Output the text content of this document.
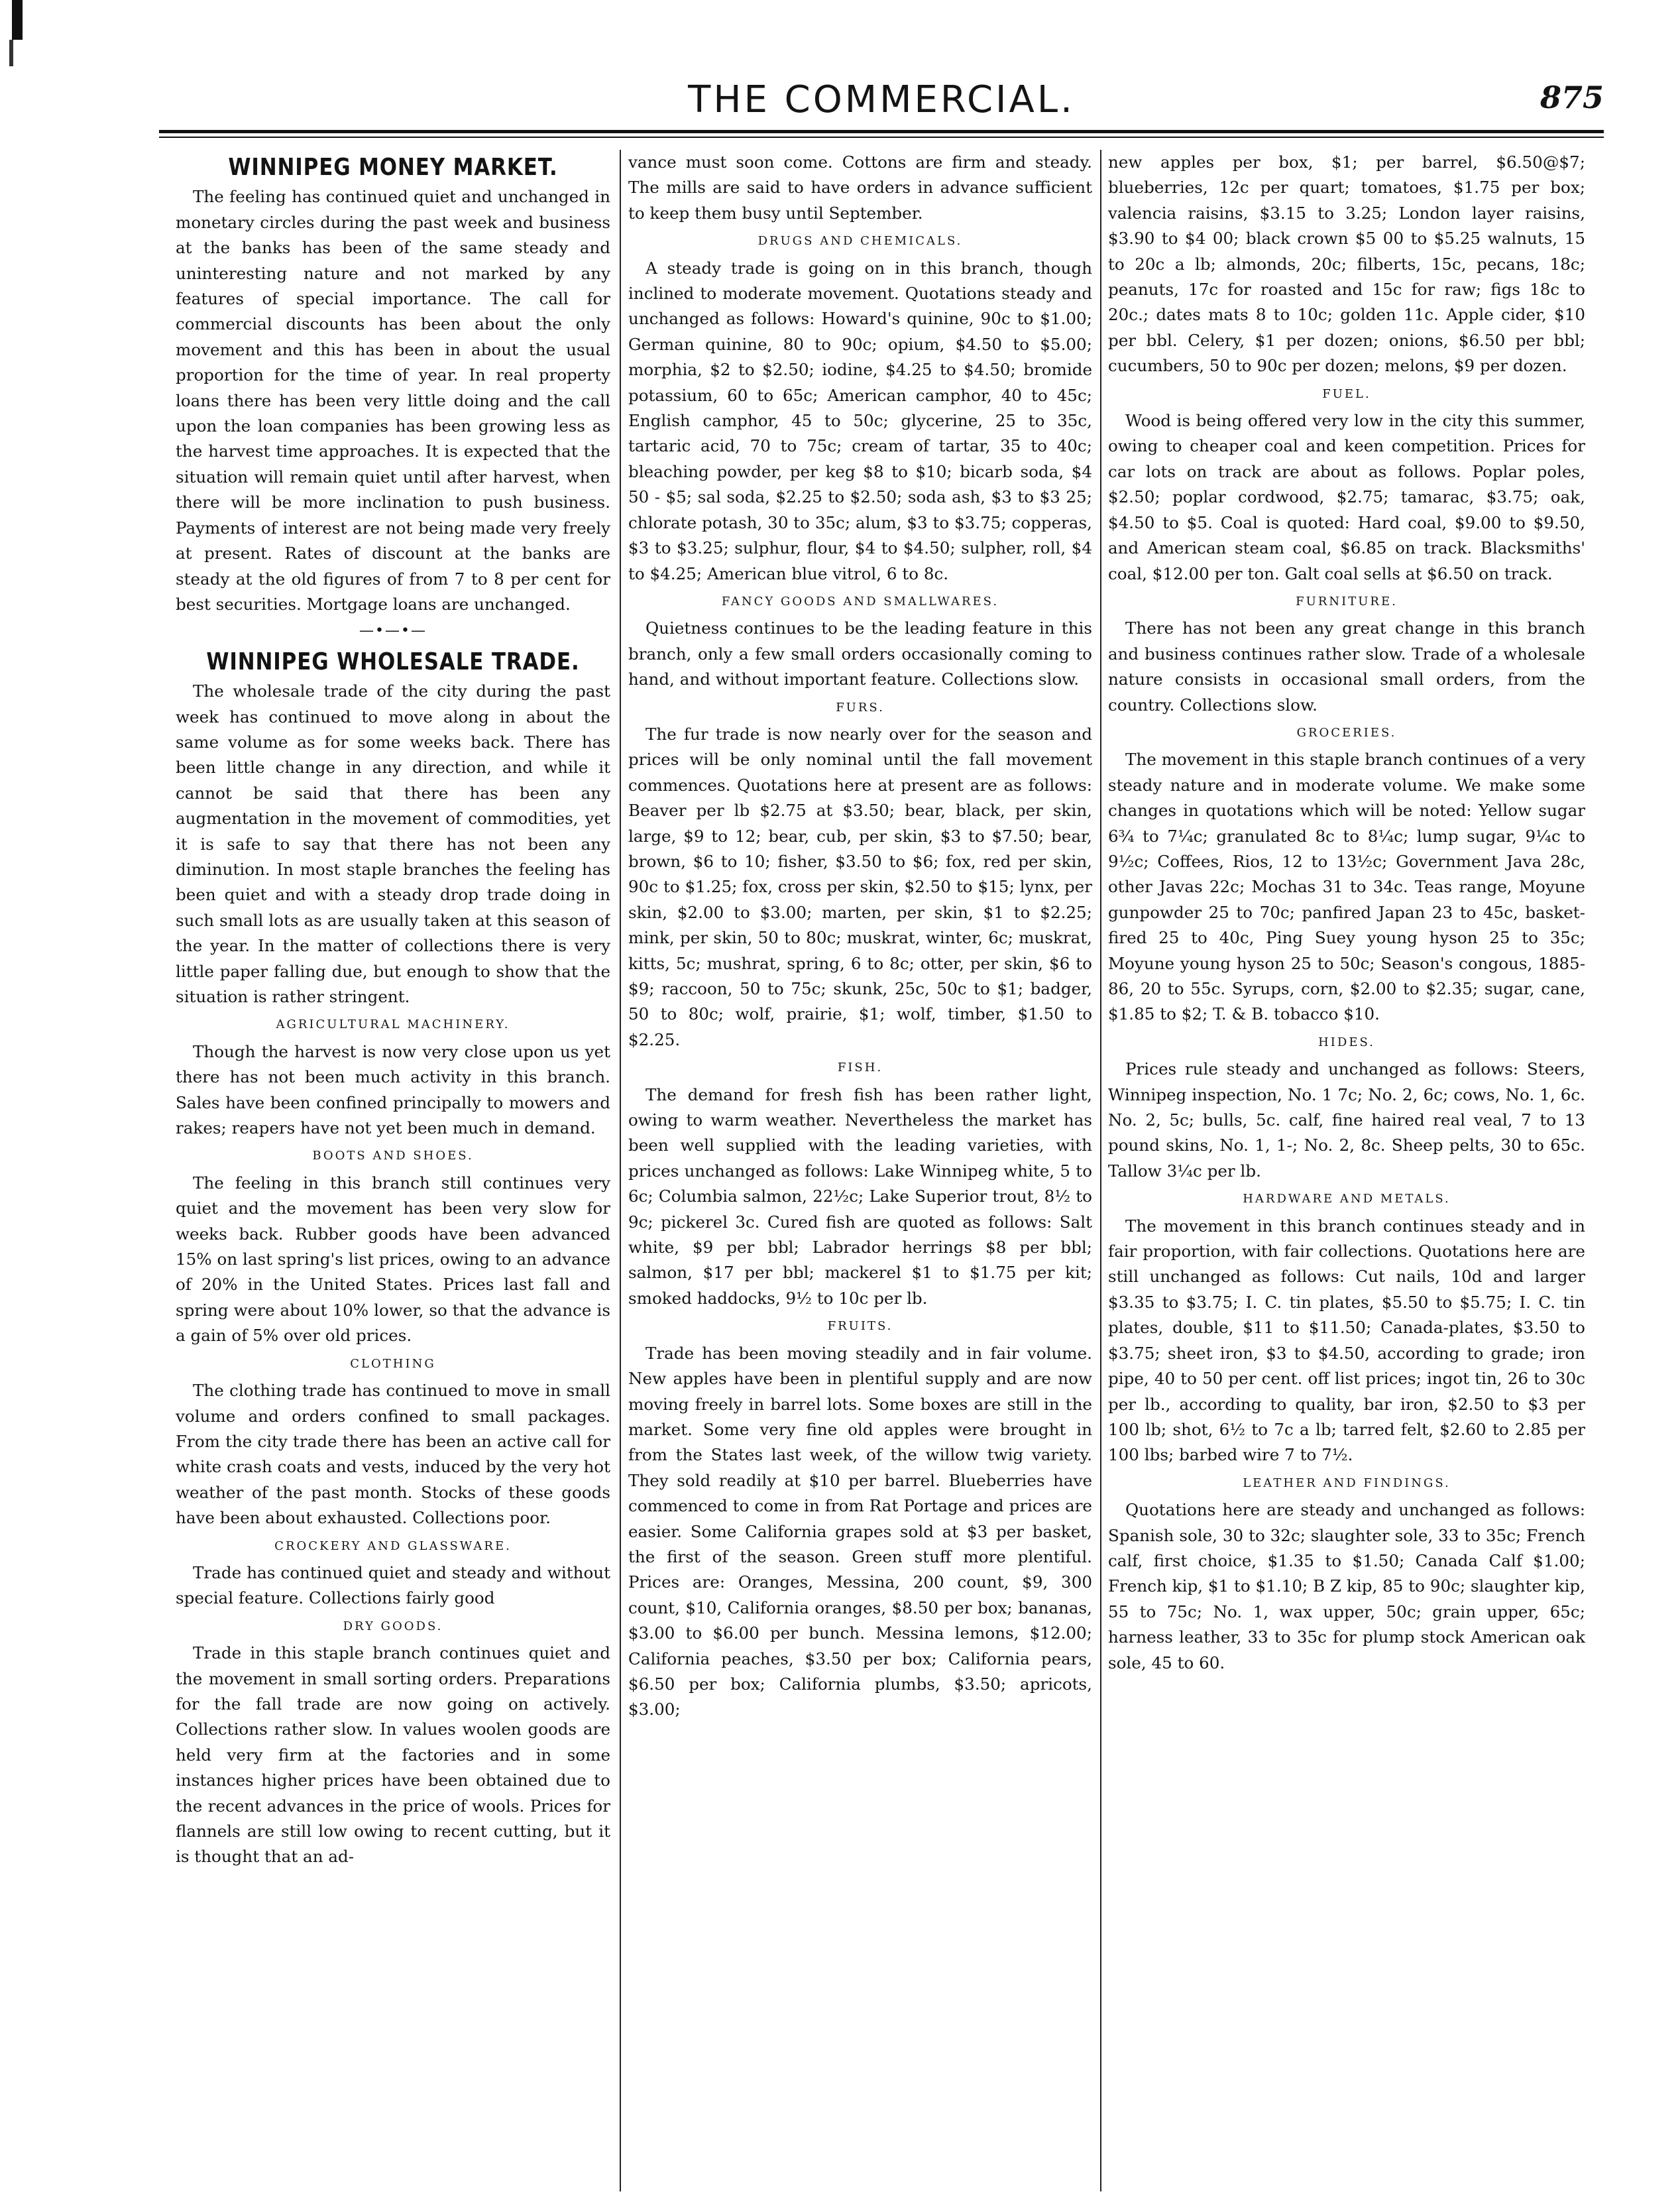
THE COMMERCIAL.	875
WINNIPEG MONEY MARKET.

The feeling has continued quiet and unchanged in monetary circles during the past week and business at the banks has been of the same steady and uninteresting nature and not marked by any features of special importance. The call for commercial discounts has been about the only movement and this has been in about the usual proportion for the time of year. In real property loans there has been very little doing and the call upon the loan companies has been growing less as the harvest time approaches. It is expected that the situation will remain quiet until after harvest, when there will be more inclination to push business. Payments of interest are not being made very freely at present. Rates of discount at the banks are steady at the old figures of from 7 to 8 per cent for best securities. Mortgage loans are unchanged.

—•—•—
WINNIPEG WHOLESALE TRADE.

The wholesale trade of the city during the past week has continued to move along in about the same volume as for some weeks back. There has been little change in any direction, and while it cannot be said that there has been any augmentation in the movement of commodities, yet it is safe to say that there has not been any diminution. In most staple branches the feeling has been quiet and with a steady drop trade doing in such small lots as are usually taken at this season of the year. In the matter of collections there is very little paper falling due, but enough to show that the situation is rather stringent.

AGRICULTURAL MACHINERY.

Though the harvest is now very close upon us yet there has not been much activity in this branch. Sales have been confined principally to mowers and rakes; reapers have not yet been much in demand.

BOOTS AND SHOES.

The feeling in this branch still continues very quiet and the movement has been very slow for weeks back. Rubber goods have been advanced 15% on last spring's list prices, owing to an advance of 20% in the United States. Prices last fall and spring were about 10% lower, so that the advance is a gain of 5% over old prices.

CLOTHING

The clothing trade has continued to move in small volume and orders confined to small packages. From the city trade there has been an active call for white crash coats and vests, induced by the very hot weather of the past month. Stocks of these goods have been about exhausted. Collections poor.

CROCKERY AND GLASSWARE.

Trade has continued quiet and steady and without special feature. Collections fairly good

DRY GOODS.

Trade in this staple branch continues quiet and the movement in small sorting orders. Preparations for the fall trade are now going on actively. Collections rather slow. In values woolen goods are held very firm at the factories and in some instances higher prices have been obtained due to the recent advances in the price of wools. Prices for flannels are still low owing to recent cutting, but it is thought that an ad-

vance must soon come. Cottons are firm and steady. The mills are said to have orders in advance sufficient to keep them busy until September.

DRUGS AND CHEMICALS.

A steady trade is going on in this branch, though inclined to moderate movement. Quotations steady and unchanged as follows: Howard's quinine, 90c to $1.00; German quinine, 80 to 90c; opium, $4.50 to $5.00; morphia, $2 to $2.50; iodine, $4.25 to $4.50; bromide potassium, 60 to 65c; American camphor, 40 to 45c; English camphor, 45 to 50c; glycerine, 25 to 35c, tartaric acid, 70 to 75c; cream of tartar, 35 to 40c; bleaching powder, per keg $8 to $10; bicarb soda, $4 50 - $5; sal soda, $2.25 to $2.50; soda ash, $3 to $3 25; chlorate potash, 30 to 35c; alum, $3 to $3.75; copperas, $3 to $3.25; sulphur, flour, $4 to $4.50; sulpher, roll, $4 to $4.25; American blue vitrol, 6 to 8c.

FANCY GOODS AND SMALLWARES.

Quietness continues to be the leading feature in this branch, only a few small orders occasionally coming to hand, and without important feature. Collections slow.

FURS.

The fur trade is now nearly over for the season and prices will be only nominal until the fall movement commences. Quotations here at present are as follows: Beaver per lb $2.75 at $3.50; bear, black, per skin, large, $9 to 12; bear, cub, per skin, $3 to $7.50; bear, brown, $6 to 10; fisher, $3.50 to $6; fox, red per skin, 90c to $1.25; fox, cross per skin, $2.50 to $15; lynx, per skin, $2.00 to $3.00; marten, per skin, $1 to $2.25; mink, per skin, 50 to 80c; muskrat, winter, 6c; muskrat, kitts, 5c; mushrat, spring, 6 to 8c; otter, per skin, $6 to $9; raccoon, 50 to 75c; skunk, 25c, 50c to $1; badger, 50 to 80c; wolf, prairie, $1; wolf, timber, $1.50 to $2.25.

FISH.

The demand for fresh fish has been rather light, owing to warm weather. Nevertheless the market has been well supplied with the leading varieties, with prices unchanged as follows: Lake Winnipeg white, 5 to 6c; Columbia salmon, 22½c; Lake Superior trout, 8½ to 9c; pickerel 3c. Cured fish are quoted as follows: Salt white, $9 per bbl; Labrador herrings $8 per bbl; salmon, $17 per bbl; mackerel $1 to $1.75 per kit; smoked haddocks, 9½ to 10c per lb.

FRUITS.

Trade has been moving steadily and in fair volume. New apples have been in plentiful supply and are now moving freely in barrel lots. Some boxes are still in the market. Some very fine old apples were brought in from the States last week, of the willow twig variety. They sold readily at $10 per barrel. Blueberries have commenced to come in from Rat Portage and prices are easier. Some California grapes sold at $3 per basket, the first of the season. Green stuff more plentiful. Prices are: Oranges, Messina, 200 count, $9, 300 count, $10, California oranges, $8.50 per box; bananas, $3.00 to $6.00 per bunch. Messina lemons, $12.00; California peaches, $3.50 per box; California pears, $6.50 per box; California plumbs, $3.50; apricots, $3.00;

new apples per box, $1; per barrel, $6.50@$7; blueberries, 12c per quart; tomatoes, $1.75 per box; valencia raisins, $3.15 to 3.25; London layer raisins, $3.90 to $4 00; black crown $5 00 to $5.25 walnuts, 15 to 20c a lb; almonds, 20c; filberts, 15c, pecans, 18c; peanuts, 17c for roasted and 15c for raw; figs 18c to 20c.; dates mats 8 to 10c; golden 11c. Apple cider, $10 per bbl. Celery, $1 per dozen; onions, $6.50 per bbl; cucumbers, 50 to 90c per dozen; melons, $9 per dozen.

FUEL.

Wood is being offered very low in the city this summer, owing to cheaper coal and keen competition. Prices for car lots on track are about as follows. Poplar poles, $2.50; poplar cordwood, $2.75; tamarac, $3.75; oak, $4.50 to $5. Coal is quoted: Hard coal, $9.00 to $9.50, and American steam coal, $6.85 on track. Blacksmiths' coal, $12.00 per ton. Galt coal sells at $6.50 on track.

FURNITURE.

There has not been any great change in this branch and business continues rather slow. Trade of a wholesale nature consists in occasional small orders, from the country. Collections slow.

GROCERIES.

The movement in this staple branch continues of a very steady nature and in moderate volume. We make some changes in quotations which will be noted: Yellow sugar 6¾ to 7¼c; granulated 8c to 8¼c; lump sugar, 9¼c to 9½c; Coffees, Rios, 12 to 13½c; Government Java 28c, other Javas 22c; Mochas 31 to 34c. Teas range, Moyune gunpowder 25 to 70c; panfired Japan 23 to 45c, basket-fired 25 to 40c, Ping Suey young hyson 25 to 35c; Moyune young hyson 25 to 50c; Season's congous, 1885-86, 20 to 55c. Syrups, corn, $2.00 to $2.35; sugar, cane, $1.85 to $2; T. & B. tobacco $10.

HIDES.

Prices rule steady and unchanged as follows: Steers, Winnipeg inspection, No. 1 7c; No. 2, 6c; cows, No. 1, 6c. No. 2, 5c; bulls, 5c. calf, fine haired real veal, 7 to 13 pound skins, No. 1, 1-; No. 2, 8c. Sheep pelts, 30 to 65c. Tallow 3¼c per lb.

HARDWARE AND METALS.

The movement in this branch continues steady and in fair proportion, with fair collections. Quotations here are still unchanged as follows: Cut nails, 10d and larger $3.35 to $3.75; I. C. tin plates, $5.50 to $5.75; I. C. tin plates, double, $11 to $11.50; Canada-plates, $3.50 to $3.75; sheet iron, $3 to $4.50, according to grade; iron pipe, 40 to 50 per cent. off list prices; ingot tin, 26 to 30c per lb., according to quality, bar iron, $2.50 to $3 per 100 lb; shot, 6½ to 7c a lb; tarred felt, $2.60 to 2.85 per 100 lbs; barbed wire 7 to 7½.

LEATHER AND FINDINGS.

Quotations here are steady and unchanged as follows: Spanish sole, 30 to 32c; slaughter sole, 33 to 35c; French calf, first choice, $1.35 to $1.50; Canada Calf $1.00; French kip, $1 to $1.10; B Z kip, 85 to 90c; slaughter kip, 55 to 75c; No. 1, wax upper, 50c; grain upper, 65c; harness leather, 33 to 35c for plump stock American oak sole, 45 to 60.
